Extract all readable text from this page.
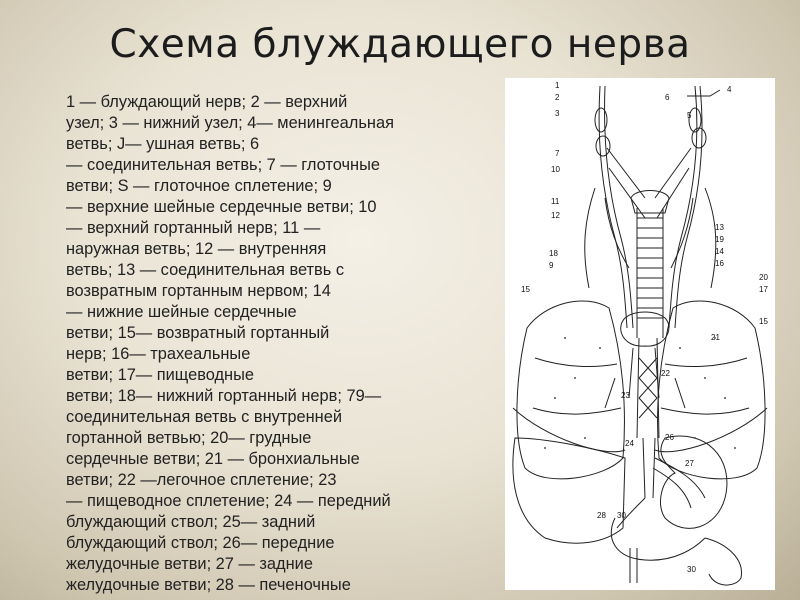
Схема блуждающего нерва
1 — блуждающий нерв; 2 — верхний
узел; 3 — нижний узел; 4— менингеальная
ветвь; J— ушная ветвь; 6
— соединительная ветвь; 7 — глоточные
ветви; S — глоточное сплетение; 9
— верхние шейные сердечные ветви; 10
— верхний гортанный нерв; 11 —
наружная ветвь; 12 — внутренняя
ветвь; 13 — соединительная ветвь с
возвратным гортанным нервом; 14
— нижние шейные сердечные
ветви; 15— возвратный гортанный
нерв; 16— трахеальные
ветви; 17— пищеводные
ветви; 18— нижний гортанный нерв; 79—
соединительная ветвь с внутренней
гортанной ветвью; 20— грудные
сердечные ветви; 21 — бронхиальные
ветви; 22 —легочное сплетение; 23
— пищеводное сплетение; 24 — передний
блуждающий ствол; 25— задний
блуждающий ствол; 26— передние
желудочные ветви; 27 — задние
желудочные ветви; 28 — печеночные
1
2
3
4
5
6
7
10
11
12
13
19
14
16
18
9
20
17
15
15
21
22
23
24
26
27
28 30
30
